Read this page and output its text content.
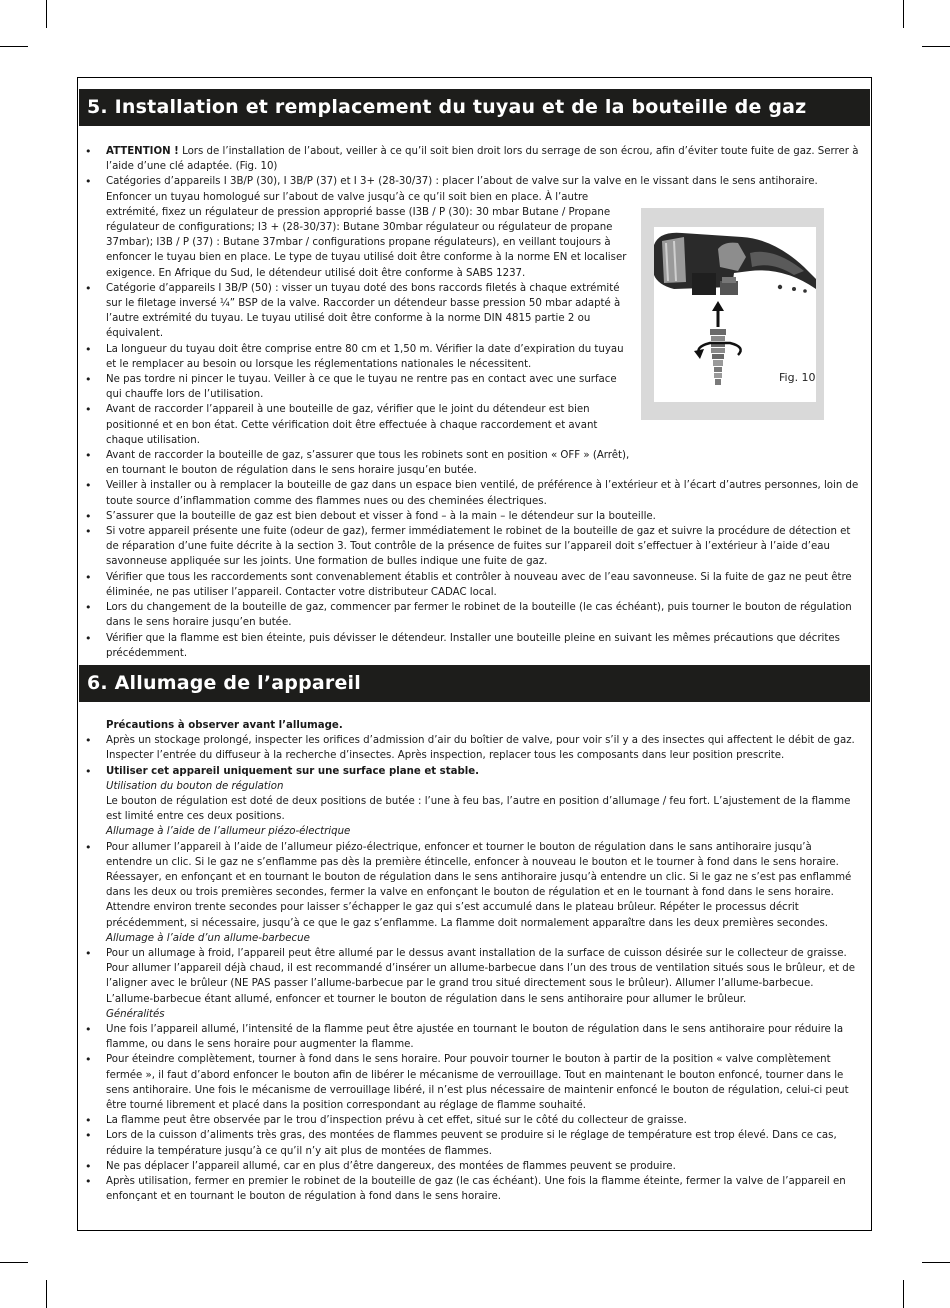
5. Installation et remplacement du tuyau et de la bouteille de gaz
• ATTENTION ! Lors de l’installation de l’about, veiller à ce qu’il soit bien droit lors du serrage de son écrou, afin d’éviter toute fuite de gaz. Serrer à l’aide d’une clé adaptée. (Fig. 10)
• Catégories d’appareils I 3B/P (30), I 3B/P (37) et I 3+ (28-30/37) : placer l’about de valve sur la valve en le vissant dans le sens antihoraire. Enfoncer un tuyau homologué sur l’about de valve jusqu’à ce qu’il soit bien en place. À l’autre
extrémité, fixez un régulateur de pression approprié basse (I3B / P (30): 30 mbar Butane / Propane régulateur de configurations; I3 + (28-30/37): Butane 30mbar régulateur ou régulateur de propane 37mbar); I3B / P (37) : Butane 37mbar / configurations propane régulateurs), en veillant toujours à enfoncer le tuyau bien en place. Le type de tuyau utilisé doit être conforme à la norme EN et localiser exigence. En Afrique du Sud, le détendeur utilisé doit être conforme à SABS 1237.
• Catégorie d’appareils I 3B/P (50) : visser un tuyau doté des bons raccords filetés à chaque extrémité sur le filetage inversé ¼” BSP de la valve. Raccorder un détendeur basse pression 50 mbar adapté à l’autre extrémité du tuyau. Le tuyau utilisé doit être conforme à la norme DIN 4815 partie 2 ou équivalent.
• La longueur du tuyau doit être comprise entre 80 cm et 1,50 m. Vérifier la date d’expiration du tuyau et le remplacer au besoin ou lorsque les réglementations nationales le nécessitent.
• Ne pas tordre ni pincer le tuyau. Veiller à ce que le tuyau ne rentre pas en contact avec une surface qui chauffe lors de l’utilisation.
• Avant de raccorder l’appareil à une bouteille de gaz, vérifier que le joint du détendeur est bien positionné et en bon état. Cette vérification doit être effectuée à chaque raccordement et avant chaque utilisation.
• Avant de raccorder la bouteille de gaz, s’assurer que tous les robinets sont en position « OFF » (Arrêt), en tournant le bouton de régulation dans le sens horaire jusqu’en butée.
• Veiller à installer ou à remplacer la bouteille de gaz dans un espace bien ventilé, de préférence à l’extérieur et à l’écart d’autres personnes, loin de toute source d’inflammation comme des flammes nues ou des cheminées électriques.
• S’assurer que la bouteille de gaz est bien debout et visser à fond – à la main – le détendeur sur la bouteille.
• Si votre appareil présente une fuite (odeur de gaz), fermer immédiatement le robinet de la bouteille de gaz et suivre la procédure de détection et de réparation d’une fuite décrite à la section 3. Tout contrôle de la présence de fuites sur l’appareil doit s’effectuer à l’extérieur à l’aide d’eau savonneuse appliquée sur les joints. Une formation de bulles indique une fuite de gaz.
• Vérifier que tous les raccordements sont convenablement établis et contrôler à nouveau avec de l’eau savonneuse. Si la fuite de gaz ne peut être éliminée, ne pas utiliser l’appareil. Contacter votre distributeur CADAC local.
• Lors du changement de la bouteille de gaz, commencer par fermer le robinet de la bouteille (le cas échéant), puis tourner le bouton de régulation dans le sens horaire jusqu’en butée.
• Vérifier que la flamme est bien éteinte, puis dévisser le détendeur. Installer une bouteille pleine en suivant les mêmes précautions que décrites précédemment.
Fig. 10
6. Allumage de l’appareil
Précautions à observer avant l’allumage.
• Après un stockage prolongé, inspecter les orifices d’admission d’air du boîtier de valve, pour voir s’il y a des insectes qui affectent le débit de gaz. Inspecter l’entrée du diffuseur à la recherche d’insectes. Après inspection, replacer tous les composants dans leur position prescrite.
• Utiliser cet appareil uniquement sur une surface plane et stable.
Utilisation du bouton de régulation
Le bouton de régulation est doté de deux positions de butée : l’une à feu bas, l’autre en position d’allumage / feu fort. L’ajustement de la flamme est limité entre ces deux positions.
Allumage à l’aide de l’allumeur piézo-électrique
• Pour allumer l’appareil à l’aide de l’allumeur piézo-électrique, enfoncer et tourner le bouton de régulation dans le sans antihoraire jusqu’à entendre un clic. Si le gaz ne s’enflamme pas dès la première étincelle, enfoncer à nouveau le bouton et le tourner à fond dans le sens horaire. Réessayer, en enfonçant et en tournant le bouton de régulation dans le sens antihoraire jusqu’à entendre un clic. Si le gaz ne s’est pas enflammé dans les deux ou trois premières secondes, fermer la valve en enfonçant le bouton de régulation et en le tournant à fond dans le sens horaire. Attendre environ trente secondes pour laisser s’échapper le gaz qui s’est accumulé dans le plateau brûleur. Répéter le processus décrit précédemment, si nécessaire, jusqu’à ce que le gaz s’enflamme. La flamme doit normalement apparaître dans les deux premières secondes.
Allumage à l’aide d’un allume-barbecue
• Pour un allumage à froid, l’appareil peut être allumé par le dessus avant installation de la surface de cuisson désirée sur le collecteur de graisse. Pour allumer l’appareil déjà chaud, il est recommandé d’insérer un allume-barbecue dans l’un des trous de ventilation situés sous le brûleur, et de l’aligner avec le brûleur (NE PAS passer l’allume-barbecue par le grand trou situé directement sous le brûleur). Allumer l’allume-barbecue. L’allume-barbecue étant allumé, enfoncer et tourner le bouton de régulation dans le sens antihoraire pour allumer le brûleur.
Généralités
• Une fois l’appareil allumé, l’intensité de la flamme peut être ajustée en tournant le bouton de régulation dans le sens antihoraire pour réduire la flamme, ou dans le sens horaire pour augmenter la flamme.
• Pour éteindre complètement, tourner à fond dans le sens horaire. Pour pouvoir tourner le bouton à partir de la position « valve complètement fermée », il faut d’abord enfoncer le bouton afin de libérer le mécanisme de verrouillage. Tout en maintenant le bouton enfoncé, tourner dans le sens antihoraire. Une fois le mécanisme de verrouillage libéré, il n’est plus nécessaire de maintenir enfoncé le bouton de régulation, celui-ci peut être tourné librement et placé dans la position correspondant au réglage de flamme souhaité.
• La flamme peut être observée par le trou d’inspection prévu à cet effet, situé sur le côté du collecteur de graisse.
• Lors de la cuisson d’aliments très gras, des montées de flammes peuvent se produire si le réglage de température est trop élevé. Dans ce cas, réduire la température jusqu’à ce qu’il n’y ait plus de montées de flammes.
• Ne pas déplacer l’appareil allumé, car en plus d’être dangereux, des montées de flammes peuvent se produire.
• Après utilisation, fermer en premier le robinet de la bouteille de gaz (le cas échéant). Une fois la flamme éteinte, fermer la valve de l’appareil en enfonçant et en tournant le bouton de régulation à fond dans le sens horaire.
